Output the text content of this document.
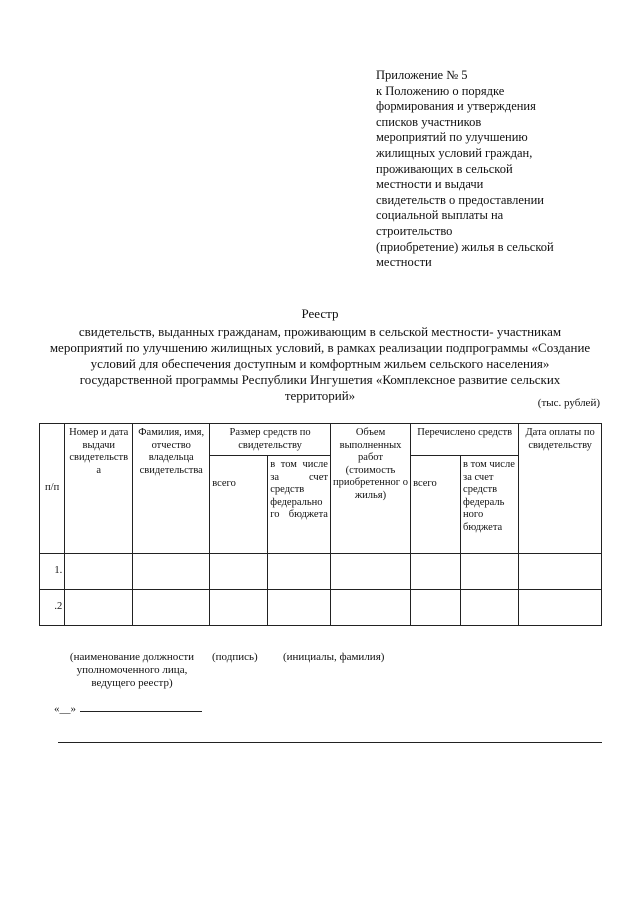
Приложение № 5
к Положению о порядке
формирования и утверждения
списков участников
мероприятий по улучшению
жилищных условий граждан,
проживающих в сельской
местности и выдачи
свидетельств о предоставлении
социальной выплаты на
строительство
(приобретение) жилья в сельской
местности
Реестр
свидетельств, выданных гражданам, проживающим в сельской местности- участникам
мероприятий по улучшению жилищных условий, в рамках реализации подпрограммы «Создание
условий для обеспечения доступным и комфортным жильем сельского населения»
государственной программы Республики Ингушетия «Комплексное развитие сельских
территорий»	(тыс. рублей)
п/п	Номер и дата выдачи свидетельств а	Фамилия, имя, отчество владельца свидетельства	Размер средств по свидетельству		Объем выполненных работ (стоимость приобретенног о жилья)	Перечислено средств		Дата оплаты по свидетельству
			всего	в том числе за счет средств федерально го бюджета		всего	в том числе за счет средств федераль ного бюджета	
1.								
.2								
(наименование должности уполномоченного лица, ведущего реестр)
(подпись) (инициалы, фамилия)
«__»
